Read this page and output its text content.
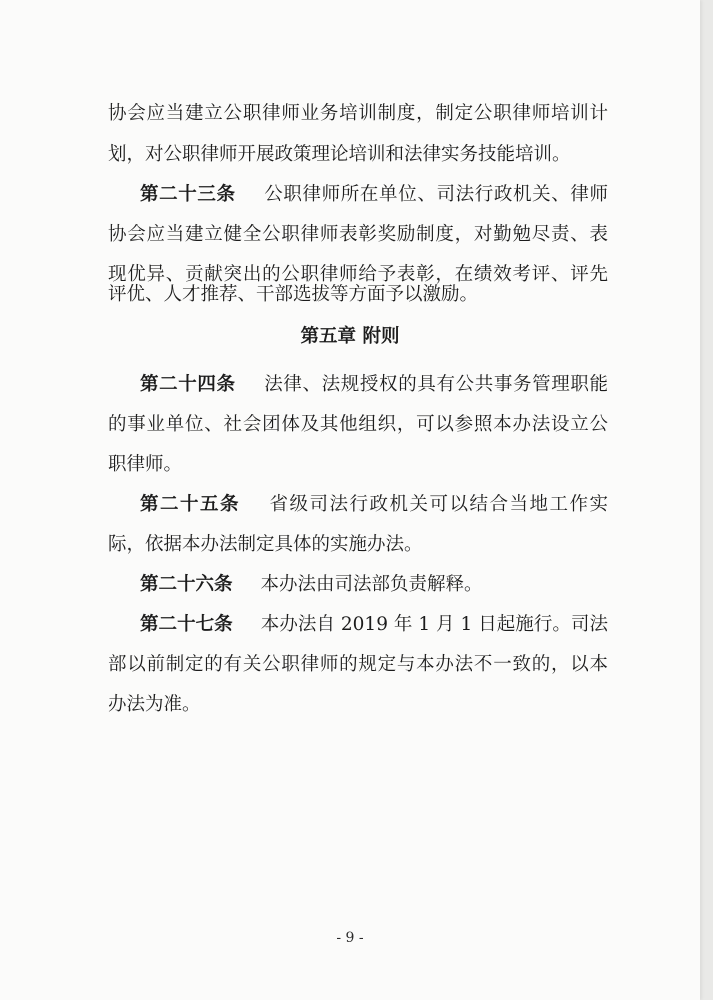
协会应当建立公职律师业务培训制度，制定公职律师培训计
划，对公职律师开展政策理论培训和法律实务技能培训。
第二十三条 公职律师所在单位、司法行政机关、律师
协会应当建立健全公职律师表彰奖励制度，对勤勉尽责、表
现优异、贡献突出的公职律师给予表彰，在绩效考评、评先
评优、人才推荐、干部选拔等方面予以激励。
第五章 附则
第二十四条 法律、法规授权的具有公共事务管理职能
的事业单位、社会团体及其他组织，可以参照本办法设立公
职律师。
第二十五条 省级司法行政机关可以结合当地工作实
际，依据本办法制定具体的实施办法。
第二十六条 本办法由司法部负责解释。
第二十七条 本办法自 2019 年 1 月 1 日起施行。司法
部以前制定的有关公职律师的规定与本办法不一致的，以本
办法为准。
- 9 -
